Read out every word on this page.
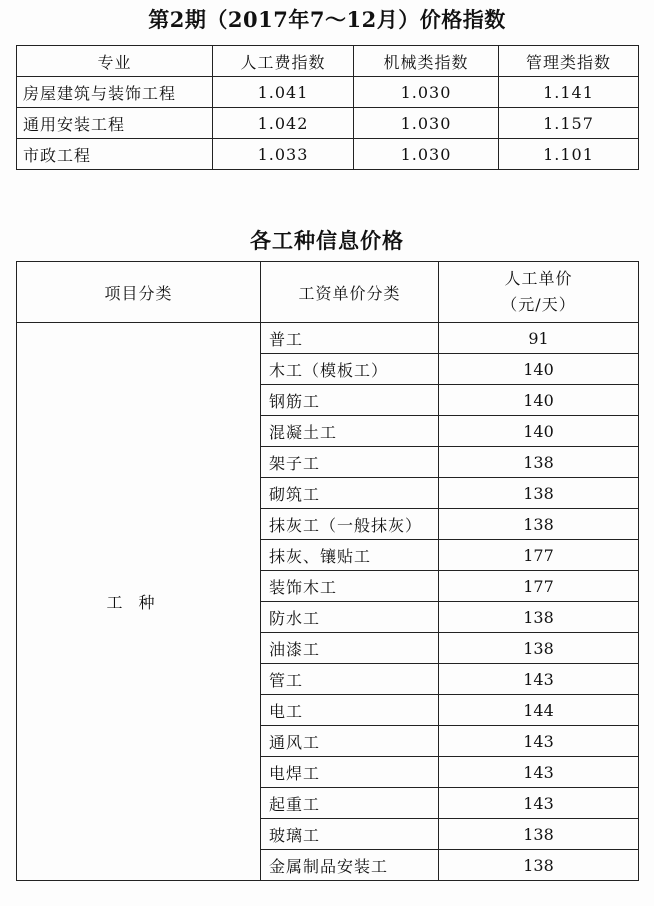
第2期（2017年7～12月）价格指数
专业	人工费指数	机械类指数	管理类指数
房屋建筑与装饰工程	1.041	1.030	1.141
通用安装工程	1.042	1.030	1.157
市政工程	1.033	1.030	1.101
各工种信息价格
项目分类	工资单价分类	人工单价
（元/天）

工种	普工	91
	木工（模板工）	140
	钢筋工	140
	混凝土工	140
	架子工	138
	砌筑工	138
	抹灰工（一般抹灰）	138
	抹灰、镶贴工	177
	装饰木工	177
	防水工	138
	油漆工	138
	管工	143
	电工	144
	通风工	143
	电焊工	143
	起重工	143
	玻璃工	138
	金属制品安装工	138
